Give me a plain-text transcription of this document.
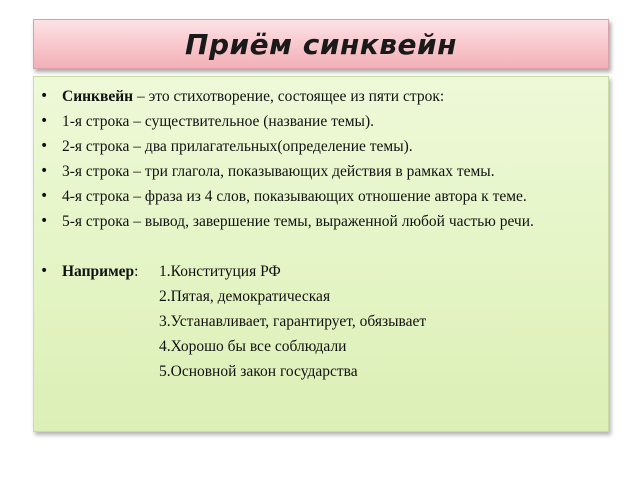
Приём синквейн
• Синквейн – это стихотворение, состоящее из пяти строк:
• 1-я строка – существительное (название темы).
• 2-я строка – два прилагательных(определение темы).
• 3-я строка – три глагола, показывающих действия в рамках темы.
• 4-я строка – фраза из 4 слов, показывающих отношение автора к теме.
• 5-я строка – вывод, завершение темы, выраженной любой частью речи.
• Например: 1.Конституция РФ
2.Пятая, демократическая
3.Устанавливает, гарантирует, обязывает
4.Хорошо бы все соблюдали
5.Основной закон государства
